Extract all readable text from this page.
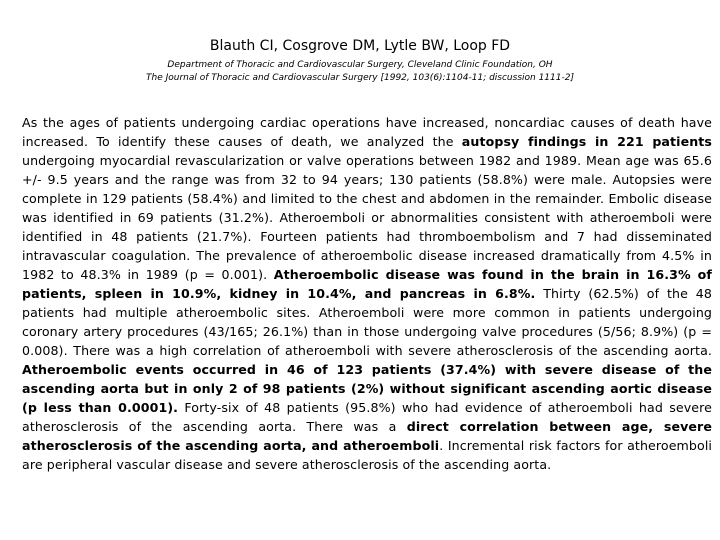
Blauth CI, Cosgrove DM, Lytle BW, Loop FD
Department of Thoracic and Cardiovascular Surgery, Cleveland Clinic Foundation, OH
The Journal of Thoracic and Cardiovascular Surgery [1992, 103(6):1104-11; discussion 1111-2]

As the ages of patients undergoing cardiac operations have increased, noncardiac causes of death have increased. To identify these causes of death, we analyzed the autopsy findings in 221 patients undergoing myocardial revascularization or valve operations between 1982 and 1989. Mean age was 65.6 +/- 9.5 years and the range was from 32 to 94 years; 130 patients (58.8%) were male. Autopsies were complete in 129 patients (58.4%) and limited to the chest and abdomen in the remainder. Embolic disease was identified in 69 patients (31.2%). Atheroemboli or abnormalities consistent with atheroemboli were identified in 48 patients (21.7%). Fourteen patients had thromboembolism and 7 had disseminated intravascular coagulation. The prevalence of atheroembolic disease increased dramatically from 4.5% in 1982 to 48.3% in 1989 (p = 0.001). Atheroembolic disease was found in the brain in 16.3% of patients, spleen in 10.9%, kidney in 10.4%, and pancreas in 6.8%. Thirty (62.5%) of the 48 patients had multiple atheroembolic sites. Atheroemboli were more common in patients undergoing coronary artery procedures (43/165; 26.1%) than in those undergoing valve procedures (5/56; 8.9%) (p = 0.008). There was a high correlation of atheroemboli with severe atherosclerosis of the ascending aorta. Atheroembolic events occurred in 46 of 123 patients (37.4%) with severe disease of the ascending aorta but in only 2 of 98 patients (2%) without significant ascending aortic disease (p less than 0.0001). Forty-six of 48 patients (95.8%) who had evidence of atheroemboli had severe atherosclerosis of the ascending aorta. There was a direct correlation between age, severe atherosclerosis of the ascending aorta, and atheroemboli. Incremental risk factors for atheroemboli are peripheral vascular disease and severe atherosclerosis of the ascending aorta.
